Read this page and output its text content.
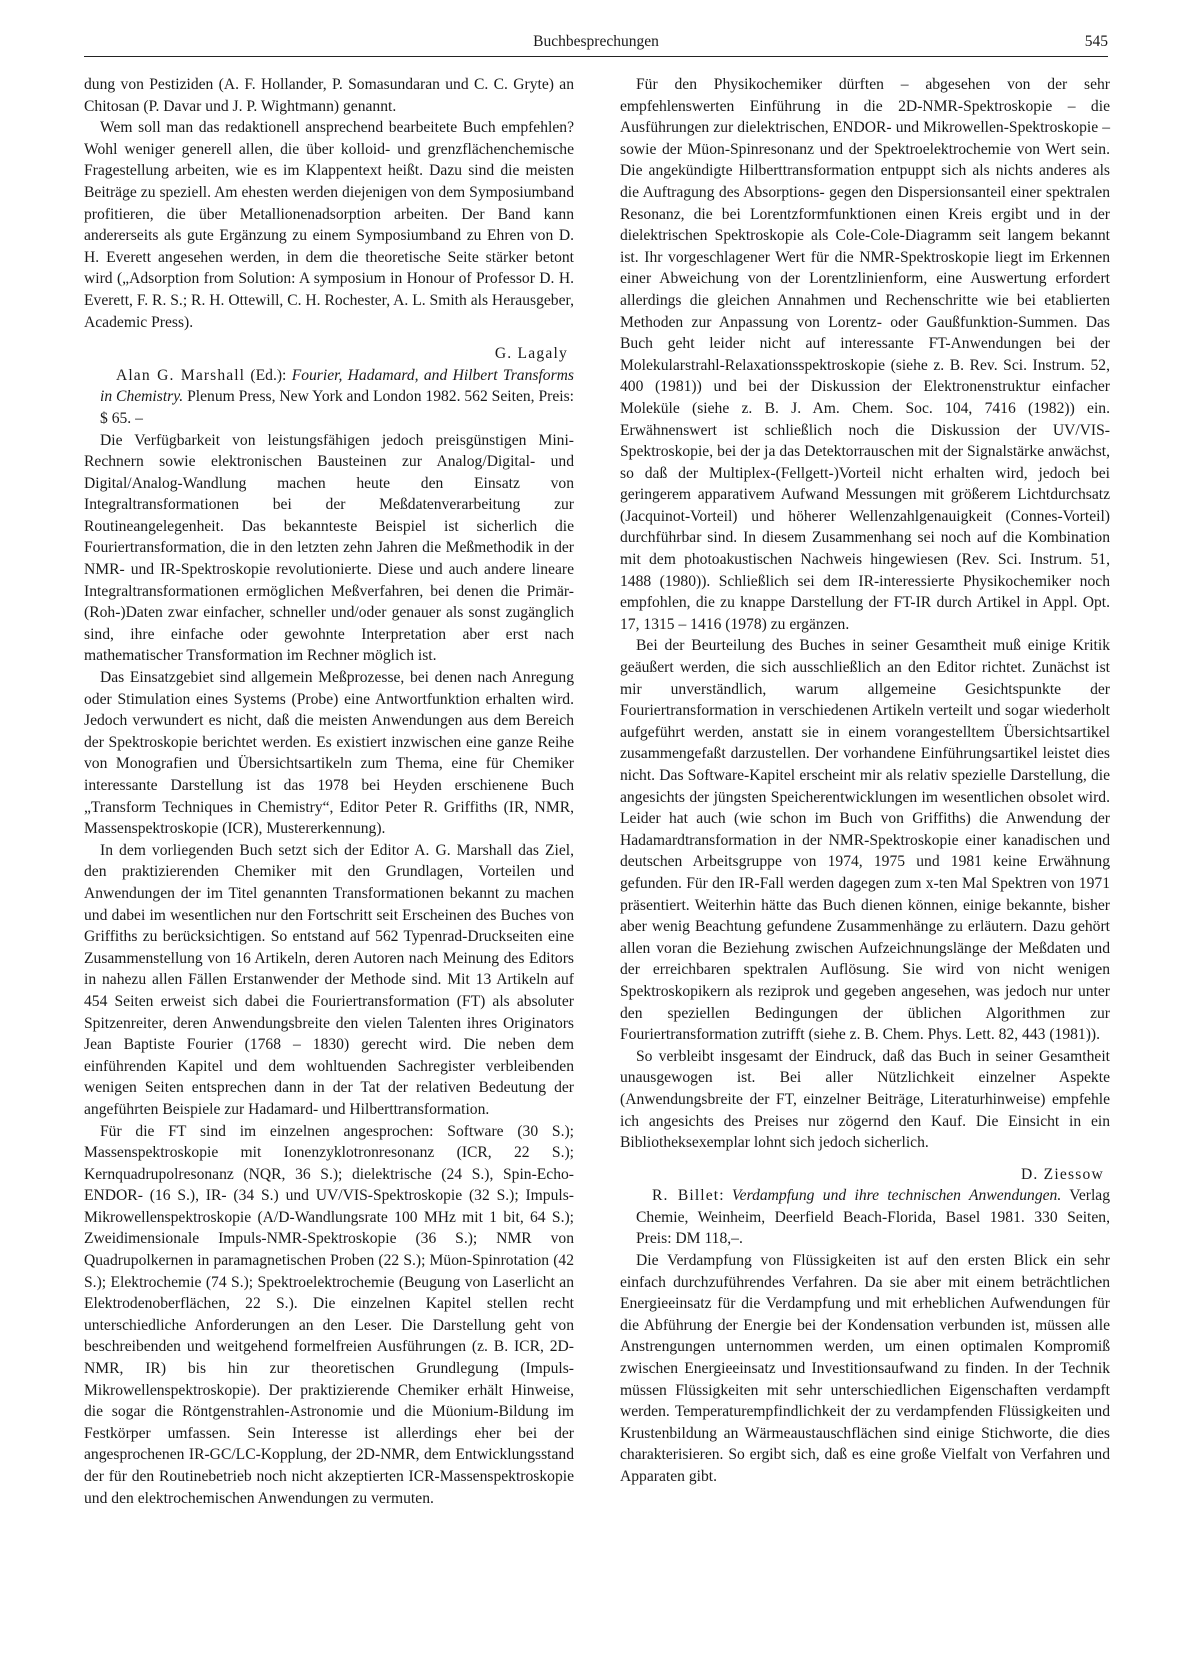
Buchbesprechungen	545

dung von Pestiziden (A. F. Hollander, P. Somasundaran und C. C. Gryte) an Chitosan (P. Davar und J. P. Wightmann) genannt.

Wem soll man das redaktionell ansprechend bearbeitete Buch empfehlen? Wohl weniger generell allen, die über kolloid- und grenzflächenchemische Fragestellung arbeiten, wie es im Klappentext heißt. Dazu sind die meisten Beiträge zu speziell. Am ehesten werden diejenigen von dem Symposiumband profitieren, die über Metallionenadsorption arbeiten. Der Band kann andererseits als gute Ergänzung zu einem Symposiumband zu Ehren von D. H. Everett angesehen werden, in dem die theoretische Seite stärker betont wird („Adsorption from Solution: A symposium in Honour of Professor D. H. Everett, F. R. S.; R. H. Ottewill, C. H. Rochester, A. L. Smith als Herausgeber, Academic Press).

G. Lagaly

Alan G. Marshall (Ed.): Fourier, Hadamard, and Hilbert Transforms in Chemistry. Plenum Press, New York and London 1982. 562 Seiten, Preis: $ 65. –

Die Verfügbarkeit von leistungsfähigen jedoch preisgünstigen Mini-Rechnern sowie elektronischen Bausteinen zur Analog/Digital- und Digital/Analog-Wandlung machen heute den Einsatz von Integraltransformationen bei der Meßdatenverarbeitung zur Routineangelegenheit. Das bekannteste Beispiel ist sicherlich die Fouriertransformation, die in den letzten zehn Jahren die Meßmethodik in der NMR- und IR-Spektroskopie revolutionierte. Diese und auch andere lineare Integraltransformationen ermöglichen Meßverfahren, bei denen die Primär-(Roh-)Daten zwar einfacher, schneller und/oder genauer als sonst zugänglich sind, ihre einfache oder gewohnte Interpretation aber erst nach mathematischer Transformation im Rechner möglich ist.

Das Einsatzgebiet sind allgemein Meßprozesse, bei denen nach Anregung oder Stimulation eines Systems (Probe) eine Antwortfunktion erhalten wird. Jedoch verwundert es nicht, daß die meisten Anwendungen aus dem Bereich der Spektroskopie berichtet werden. Es existiert inzwischen eine ganze Reihe von Monografien und Übersichtsartikeln zum Thema, eine für Chemiker interessante Darstellung ist das 1978 bei Heyden erschienene Buch „Transform Techniques in Chemistry“, Editor Peter R. Griffiths (IR, NMR, Massenspektroskopie (ICR), Mustererkennung).

In dem vorliegenden Buch setzt sich der Editor A. G. Marshall das Ziel, den praktizierenden Chemiker mit den Grundlagen, Vorteilen und Anwendungen der im Titel genannten Transformationen bekannt zu machen und dabei im wesentlichen nur den Fortschritt seit Erscheinen des Buches von Griffiths zu berücksichtigen. So entstand auf 562 Typenrad-Druckseiten eine Zusammenstellung von 16 Artikeln, deren Autoren nach Meinung des Editors in nahezu allen Fällen Erstanwender der Methode sind. Mit 13 Artikeln auf 454 Seiten erweist sich dabei die Fouriertransformation (FT) als absoluter Spitzenreiter, deren Anwendungsbreite den vielen Talenten ihres Originators Jean Baptiste Fourier (1768 – 1830) gerecht wird. Die neben dem einführenden Kapitel und dem wohltuenden Sachregister verbleibenden wenigen Seiten entsprechen dann in der Tat der relativen Bedeutung der angeführten Beispiele zur Hadamard- und Hilberttransformation.

Für die FT sind im einzelnen angesprochen: Software (30 S.); Massenspektroskopie mit Ionenzyklotronresonanz (ICR, 22 S.); Kernquadrupolresonanz (NQR, 36 S.); dielektrische (24 S.), Spin-Echo-ENDOR- (16 S.), IR- (34 S.) und UV/VIS-Spektroskopie (32 S.); Impuls-Mikrowellenspektroskopie (A/D-Wandlungsrate 100 MHz mit 1 bit, 64 S.); Zweidimensionale Impuls-NMR-Spektroskopie (36 S.); NMR von Quadrupolkernen in paramagnetischen Proben (22 S.); Müon-Spinrotation (42 S.); Elektrochemie (74 S.); Spektroelektrochemie (Beugung von Laserlicht an Elektrodenoberflächen, 22 S.). Die einzelnen Kapitel stellen recht unterschiedliche Anforderungen an den Leser. Die Darstellung geht von beschreibenden und weitgehend formelfreien Ausführungen (z. B. ICR, 2D-NMR, IR) bis hin zur theoretischen Grundlegung (Impuls-Mikrowellenspektroskopie). Der praktizierende Chemiker erhält Hinweise, die sogar die Röntgenstrahlen-Astronomie und die Müonium-Bildung im Festkörper umfassen. Sein Interesse ist allerdings eher bei der angesprochenen IR-GC/LC-Kopplung, der 2D-NMR, dem Entwicklungsstand der für den Routinebetrieb noch nicht akzeptierten ICR-Massenspektroskopie und den elektrochemischen Anwendungen zu vermuten.

Für den Physikochemiker dürften – abgesehen von der sehr empfehlenswerten Einführung in die 2D-NMR-Spektroskopie – die Ausführungen zur dielektrischen, ENDOR- und Mikrowellen-Spektroskopie – sowie der Müon-Spinresonanz und der Spektroelektrochemie von Wert sein. Die angekündigte Hilberttransformation entpuppt sich als nichts anderes als die Auftragung des Absorptions- gegen den Dispersionsanteil einer spektralen Resonanz, die bei Lorentzformfunktionen einen Kreis ergibt und in der dielektrischen Spektroskopie als Cole-Cole-Diagramm seit langem bekannt ist. Ihr vorgeschlagener Wert für die NMR-Spektroskopie liegt im Erkennen einer Abweichung von der Lorentzlinienform, eine Auswertung erfordert allerdings die gleichen Annahmen und Rechenschritte wie bei etablierten Methoden zur Anpassung von Lorentz- oder Gaußfunktion-Summen. Das Buch geht leider nicht auf interessante FT-Anwendungen bei der Molekularstrahl-Relaxationsspektroskopie (siehe z. B. Rev. Sci. Instrum. 52, 400 (1981)) und bei der Diskussion der Elektronenstruktur einfacher Moleküle (siehe z. B. J. Am. Chem. Soc. 104, 7416 (1982)) ein. Erwähnenswert ist schließlich noch die Diskussion der UV/VIS-Spektroskopie, bei der ja das Detektorrauschen mit der Signalstärke anwächst, so daß der Multiplex-(Fellgett-)Vorteil nicht erhalten wird, jedoch bei geringerem apparativem Aufwand Messungen mit größerem Lichtdurchsatz (Jacquinot-Vorteil) und höherer Wellenzahlgenauigkeit (Connes-Vorteil) durchführbar sind. In diesem Zusammenhang sei noch auf die Kombination mit dem photoakustischen Nachweis hingewiesen (Rev. Sci. Instrum. 51, 1488 (1980)). Schließlich sei dem IR-interessierte Physikochemiker noch empfohlen, die zu knappe Darstellung der FT-IR durch Artikel in Appl. Opt. 17, 1315 – 1416 (1978) zu ergänzen.

Bei der Beurteilung des Buches in seiner Gesamtheit muß einige Kritik geäußert werden, die sich ausschließlich an den Editor richtet. Zunächst ist mir unverständlich, warum allgemeine Gesichtspunkte der Fouriertransformation in verschiedenen Artikeln verteilt und sogar wiederholt aufgeführt werden, anstatt sie in einem vorangestelltem Übersichtsartikel zusammengefaßt darzustellen. Der vorhandene Einführungsartikel leistet dies nicht. Das Software-Kapitel erscheint mir als relativ spezielle Darstellung, die angesichts der jüngsten Speicherentwicklungen im wesentlichen obsolet wird. Leider hat auch (wie schon im Buch von Griffiths) die Anwendung der Hadamardtransformation in der NMR-Spektroskopie einer kanadischen und deutschen Arbeitsgruppe von 1974, 1975 und 1981 keine Erwähnung gefunden. Für den IR-Fall werden dagegen zum x-ten Mal Spektren von 1971 präsentiert. Weiterhin hätte das Buch dienen können, einige bekannte, bisher aber wenig Beachtung gefundene Zusammenhänge zu erläutern. Dazu gehört allen voran die Beziehung zwischen Aufzeichnungslänge der Meßdaten und der erreichbaren spektralen Auflösung. Sie wird von nicht wenigen Spektroskopikern als reziprok und gegeben angesehen, was jedoch nur unter den speziellen Bedingungen der üblichen Algorithmen zur Fouriertransformation zutrifft (siehe z. B. Chem. Phys. Lett. 82, 443 (1981)).

So verbleibt insgesamt der Eindruck, daß das Buch in seiner Gesamtheit unausgewogen ist. Bei aller Nützlichkeit einzelner Aspekte (Anwendungsbreite der FT, einzelner Beiträge, Literaturhinweise) empfehle ich angesichts des Preises nur zögernd den Kauf. Die Einsicht in ein Bibliotheksexemplar lohnt sich jedoch sicherlich.

D. Ziessow

R. Billet: Verdampfung und ihre technischen Anwendungen. Verlag Chemie, Weinheim, Deerfield Beach-Florida, Basel 1981. 330 Seiten, Preis: DM 118,–.

Die Verdampfung von Flüssigkeiten ist auf den ersten Blick ein sehr einfach durchzuführendes Verfahren. Da sie aber mit einem beträchtlichen Energieeinsatz für die Verdampfung und mit erheblichen Aufwendungen für die Abführung der Energie bei der Kondensation verbunden ist, müssen alle Anstrengungen unternommen werden, um einen optimalen Kompromiß zwischen Energieeinsatz und Investitionsaufwand zu finden. In der Technik müssen Flüssigkeiten mit sehr unterschiedlichen Eigenschaften verdampft werden. Temperaturempfindlichkeit der zu verdampfenden Flüssigkeiten und Krustenbildung an Wärmeaustauschflächen sind einige Stichworte, die dies charakterisieren. So ergibt sich, daß es eine große Vielfalt von Verfahren und Apparaten gibt.
